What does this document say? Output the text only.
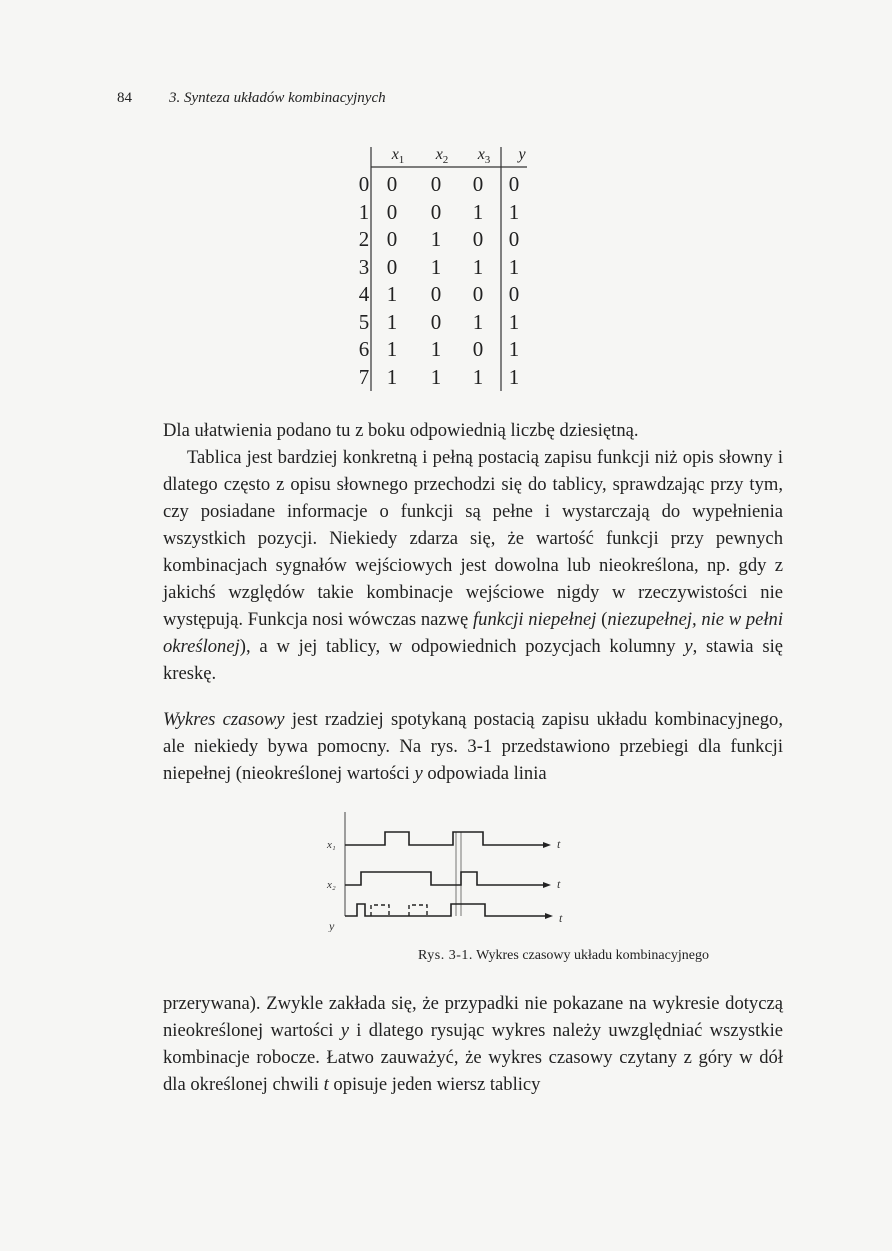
84	3. Synteza układów kombinacyjnych
$x_1$	$x_2$	$x_3$	y
0 0 0 0 0
1 0 0 1 1
2 0 1 0 0
3 0 1 1 1
4 1 0 0 0
5 1 0 1 1
6 1 1 0 1
7 1 1 1 1
Dla ułatwienia podano tu z boku odpowiednią liczbę dziesiętną.
Tablica jest bardziej konkretną i pełną postacią zapisu funkcji niż opis słowny i dlatego często z opisu słownego przechodzi się do tablicy, sprawdzając przy tym, czy posiadane informacje o funkcji są pełne i wystarczają do wypełnienia wszystkich pozycji. Niekiedy zdarza się, że wartość funkcji przy pewnych kombinacjach sygnałów wejściowych jest dowolna lub nieokreślona, np. gdy z jakichś względów takie kombinacje wejściowe nigdy w rzeczywistości nie występują. Funkcja nosi wówczas nazwę funkcji niepełnej (niezupełnej, nie w pełni określonej), a w jej tablicy, w odpowiednich pozycjach kolumny y, stawia się kreskę.
Wykres czasowy jest rzadziej spotykaną postacią zapisu układu kombinacyjnego, ale niekiedy bywa pomocny. Na rys. 3-1 przedstawiono przebiegi dla funkcji niepełnej (nieokreślonej wartości y odpowiada linia
x₁
x₂
y
t
t
t
Rys. 3-1. Wykres czasowy układu kombinacyjnego
przerywana). Zwykle zakłada się, że przypadki nie pokazane na wykresie dotyczą nieokreślonej wartości y i dlatego rysując wykres należy uwzględniać wszystkie kombinacje robocze. Łatwo zauważyć, że wykres czasowy czytany z góry w dół dla określonej chwili t opisuje jeden wiersz tablicy
